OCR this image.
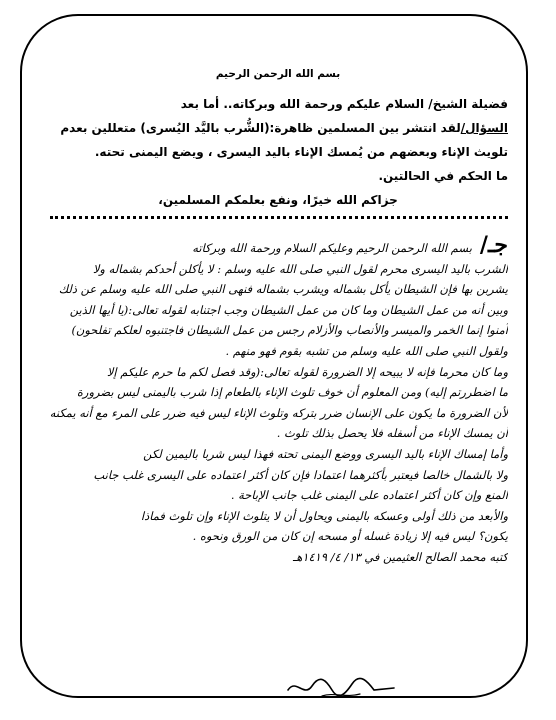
بسم الله الرحمن الرحيم

فضيلة الشيخ/ السلام عليكم ورحمة الله وبركاته.. أما بعد

السؤال/لقد انتشر بين المسلمين ظاهرة:(الشُّرب باليَّد اليُسرى) متعللين بعدم

تلويث الإناء وبعضهم من يُمسك الإناء باليد اليسرى ، ويضع اليمنى تحته.

ما الحكم في الحالتين.

جزاكم الله خيرًا، ونفع بعلمكم المسلمين،

جـ/بسم الله الرحمن الرحيم وعليكم السلام ورحمة الله وبركاته

الشرب باليد اليسرى محرم لقول النبي صلى الله عليه وسلم : لا يأكلن أحدكم بشماله ولا

يشربن بها فإن الشيطان يأكل بشماله ويشرب بشماله فنهى النبي صلى الله عليه وسلم عن ذلك

وبين أنه من عمل الشيطان وما كان من عمل الشيطان وجب اجتنابه لقوله تعالى:(يا أيها الذين

آمنوا إنما الخمر والميسر والأنصاب والأزلام رجس من عمل الشيطان فاجتنبوه لعلكم تفلحون)

ولقول النبي صلى الله عليه وسلم من تشبه بقوم فهو منهم .

وما كان محرما فإنه لا يبيحه إلا الضرورة لقوله تعالى:(وقد فصل لكم ما حرم عليكم إلا

ما اضطررتم إليه) ومن المعلوم أن خوف تلوث الإناء بالطعام إذا شرب باليمنى ليس بضرورة

لأن الضرورة ما يكون على الإنسان ضرر بتركه وتلوث الإناء ليس فيه ضرر على المرء مع أنه يمكنه

أن يمسك الإناء من أسفله فلا يحصل بذلك تلوث .

وأما إمساك الإناء باليد اليسرى ووضع اليمنى تحته فهذا ليس شربا باليمين لكن

ولا بالشمال خالصا فيعتبر بأكثرهما اعتمادا فإن كان أكثر اعتماده على اليسرى غلب جانب

المنع وإن كان أكثر اعتماده على اليمنى غلب جانب الإباحة .

والأبعد من ذلك أولى وعسكه باليمنى ويحاول أن لا يتلوث الإناء وإن تلوث فماذا

يكون؟ ليس فيه إلا زيادة غسله أو مسحه إن كان من الورق ونحوه .

كتبه محمد الصالح العثيمين في ١٣/ ٤/ ١٤١٩هـ
